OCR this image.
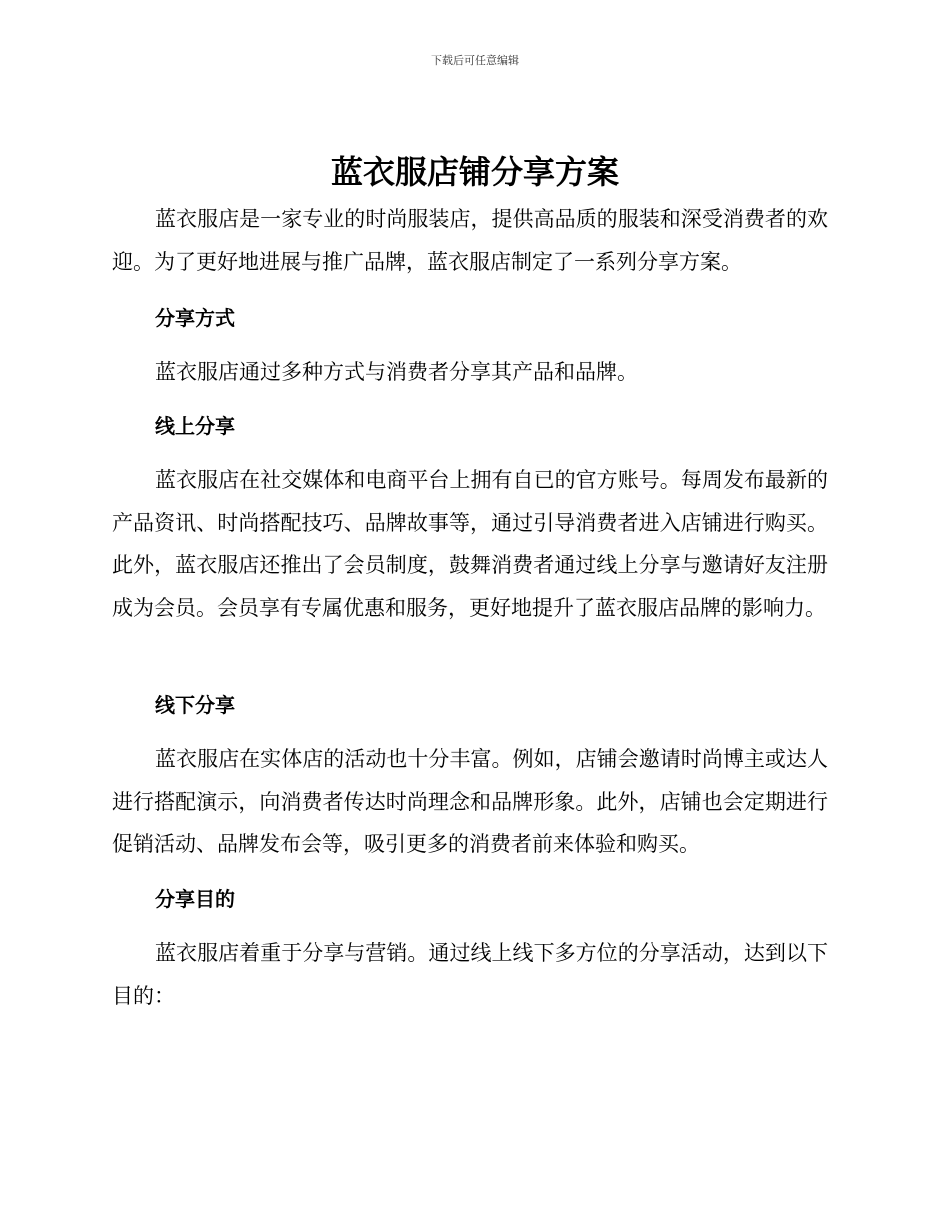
下载后可任意编辑
蓝衣服店铺分享方案

蓝衣服店是一家专业的时尚服装店，提供高品质的服装和深受消费者的欢迎。为了更好地进展与推广品牌，蓝衣服店制定了一系列分享方案。

分享方式

蓝衣服店通过多种方式与消费者分享其产品和品牌。

线上分享

蓝衣服店在社交媒体和电商平台上拥有自已的官方账号。每周发布最新的产品资讯、时尚搭配技巧、品牌故事等，通过引导消费者进入店铺进行购买。此外，蓝衣服店还推出了会员制度，鼓舞消费者通过线上分享与邀请好友注册成为会员。会员享有专属优惠和服务，更好地提升了蓝衣服店品牌的影响力。

线下分享

蓝衣服店在实体店的活动也十分丰富。例如，店铺会邀请时尚博主或达人进行搭配演示，向消费者传达时尚理念和品牌形象。此外，店铺也会定期进行促销活动、品牌发布会等，吸引更多的消费者前来体验和购买。

分享目的

蓝衣服店着重于分享与营销。通过线上线下多方位的分享活动，达到以下目的：
